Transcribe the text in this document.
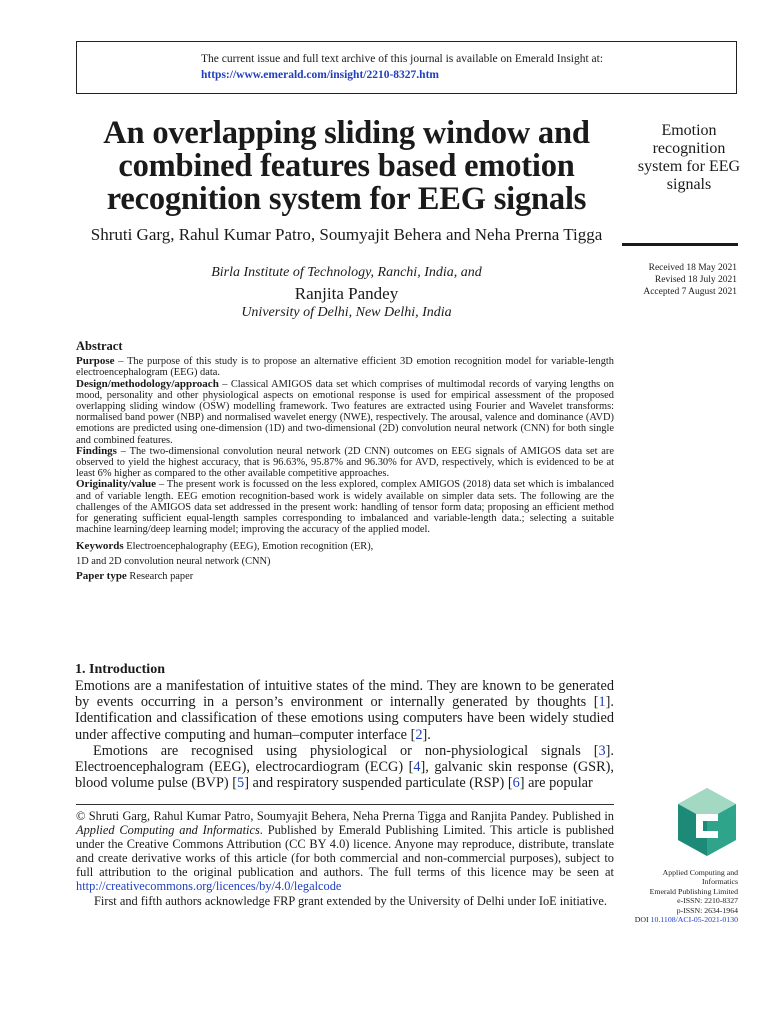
The current issue and full text archive of this journal is available on Emerald Insight at:
https://www.emerald.com/insight/2210-8327.htm
An overlapping sliding window and combined features based emotion recognition system for EEG signals

Shruti Garg, Rahul Kumar Patro, Soumyajit Behera and Neha Prerna Tigga

Birla Institute of Technology, Ranchi, India, and

Ranjita Pandey

University of Delhi, New Delhi, India

Emotion recognition system for EEG signals

Received 18 May 2021
Revised 18 July 2021
Accepted 7 August 2021
Abstract

Purpose – The purpose of this study is to propose an alternative efficient 3D emotion recognition model for variable-length electroencephalogram (EEG) data.

Design/methodology/approach – Classical AMIGOS data set which comprises of multimodal records of varying lengths on mood, personality and other physiological aspects on emotional response is used for empirical assessment of the proposed overlapping sliding window (OSW) modelling framework. Two features are extracted using Fourier and Wavelet transforms: normalised band power (NBP) and normalised wavelet energy (NWE), respectively. The arousal, valence and dominance (AVD) emotions are predicted using one-dimension (1D) and two-dimensional (2D) convolution neural network (CNN) for both single and combined features.

Findings – The two-dimensional convolution neural network (2D CNN) outcomes on EEG signals of AMIGOS data set are observed to yield the highest accuracy, that is 96.63%, 95.87% and 96.30% for AVD, respectively, which is evidenced to be at least 6% higher as compared to the other available competitive approaches.

Originality/value – The present work is focussed on the less explored, complex AMIGOS (2018) data set which is imbalanced and of variable length. EEG emotion recognition-based work is widely available on simpler data sets. The following are the challenges of the AMIGOS data set addressed in the present work: handling of tensor form data; proposing an efficient method for generating sufficient equal-length samples corresponding to imbalanced and variable-length data.; selecting a suitable machine learning/deep learning model; improving the accuracy of the applied model.

Keywords Electroencephalography (EEG), Emotion recognition (ER),
1D and 2D convolution neural network (CNN)
Paper type Research paper

1. Introduction

Emotions are a manifestation of intuitive states of the mind. They are known to be generated by events occurring in a person’s environment or internally generated by thoughts [1]. Identification and classification of these emotions using computers have been widely studied under affective computing and human–computer interface [2].

Emotions are recognised using physiological or non-physiological signals [3]. Electroencephalogram (EEG), electrocardiogram (ECG) [4], galvanic skin response (GSR), blood volume pulse (BVP) [5] and respiratory suspended particulate (RSP) [6] are popular

© Shruti Garg, Rahul Kumar Patro, Soumyajit Behera, Neha Prerna Tigga and Ranjita Pandey. Published in Applied Computing and Informatics. Published by Emerald Publishing Limited. This article is published under the Creative Commons Attribution (CC BY 4.0) licence. Anyone may reproduce, distribute, translate and create derivative works of this article (for both commercial and non-commercial purposes), subject to full attribution to the original publication and authors. The full terms of this licence may be seen at http://creativecommons.org/licences/by/4.0/legalcode

First and fifth authors acknowledge FRP grant extended by the University of Delhi under IoE initiative.

Applied Computing and
Informatics
Emerald Publishing Limited
e-ISSN: 2210-8327
p-ISSN: 2634-1964
DOI 10.1108/ACI-05-2021-0130
